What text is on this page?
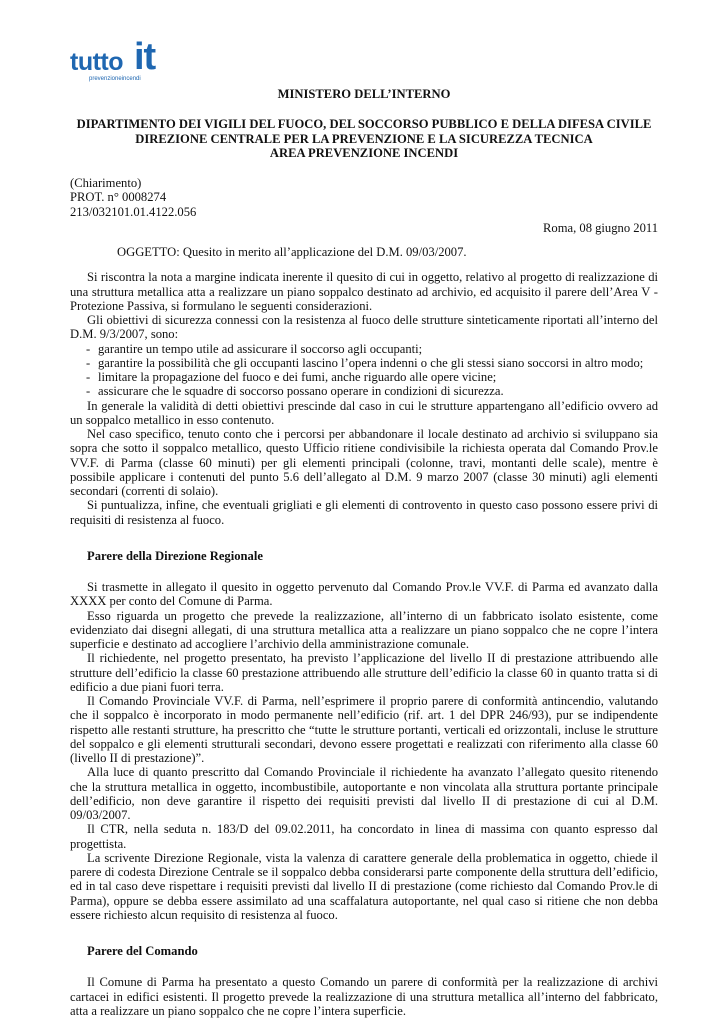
tutto it
prevenzioneincendi
MINISTERO DELL’INTERNO
DIPARTIMENTO DEI VIGILI DEL FUOCO, DEL SOCCORSO PUBBLICO E DELLA DIFESA CIVILE
DIREZIONE CENTRALE PER LA PREVENZIONE E LA SICUREZZA TECNICA
AREA PREVENZIONE INCENDI
(Chiarimento)
PROT. n° 0008274
213/032101.01.4122.056
Roma, 08 giugno 2011
OGGETTO: Quesito in merito all’applicazione del D.M. 09/03/2007.

Si riscontra la nota a margine indicata inerente il quesito di cui in oggetto, relativo al progetto di realizzazione di una struttura metallica atta a realizzare un piano soppalco destinato ad archivio, ed acquisito il parere dell’Area V - Protezione Passiva, si formulano le seguenti considerazioni.

Gli obiettivi di sicurezza connessi con la resistenza al fuoco delle strutture sinteticamente riportati all’interno del D.M. 9/3/2007, sono:

- garantire un tempo utile ad assicurare il soccorso agli occupanti;
- garantire la possibilità che gli occupanti lascino l’opera indenni o che gli stessi siano soccorsi in altro modo;
- limitare la propagazione del fuoco e dei fumi, anche riguardo alle opere vicine;
- assicurare che le squadre di soccorso possano operare in condizioni di sicurezza.

In generale la validità di detti obiettivi prescinde dal caso in cui le strutture appartengano all’edificio ovvero ad un soppalco metallico in esso contenuto.

Nel caso specifico, tenuto conto che i percorsi per abbandonare il locale destinato ad archivio si sviluppano sia sopra che sotto il soppalco metallico, questo Ufficio ritiene condivisibile la richiesta operata dal Comando Prov.le VV.F. di Parma (classe 60 minuti) per gli elementi principali (colonne, travi, montanti delle scale), mentre è possibile applicare i contenuti del punto 5.6 dell’allegato al D.M. 9 marzo 2007 (classe 30 minuti) agli elementi secondari (correnti di solaio).

Si puntualizza, infine, che eventuali grigliati e gli elementi di controvento in questo caso possono essere privi di requisiti di resistenza al fuoco.

Parere della Direzione Regionale

Si trasmette in allegato il quesito in oggetto pervenuto dal Comando Prov.le VV.F. di Parma ed avanzato dalla XXXX per conto del Comune di Parma.

Esso riguarda un progetto che prevede la realizzazione, all’interno di un fabbricato isolato esistente, come evidenziato dai disegni allegati, di una struttura metallica atta a realizzare un piano soppalco che ne copre l’intera superficie e destinato ad accogliere l’archivio della amministrazione comunale.

Il richiedente, nel progetto presentato, ha previsto l’applicazione del livello II di prestazione attribuendo alle strutture dell’edificio la classe 60 prestazione attribuendo alle strutture dell’edificio la classe 60 in quanto tratta si di edificio a due piani fuori terra.

Il Comando Provinciale VV.F. di Parma, nell’esprimere il proprio parere di conformità antincendio, valutando che il soppalco è incorporato in modo permanente nell’edificio (rif. art. 1 del DPR 246/93), pur se indipendente rispetto alle restanti strutture, ha prescritto che “tutte le strutture portanti, verticali ed orizzontali, incluse le strutture del soppalco e gli elementi strutturali secondari, devono essere progettati e realizzati con riferimento alla classe 60 (livello II di prestazione)”.

Alla luce di quanto prescritto dal Comando Provinciale il richiedente ha avanzato l’allegato quesito ritenendo che la struttura metallica in oggetto, incombustibile, autoportante e non vincolata alla struttura portante principale dell’edificio, non deve garantire il rispetto dei requisiti previsti dal livello II di prestazione di cui al D.M. 09/03/2007.

Il CTR, nella seduta n. 183/D del 09.02.2011, ha concordato in linea di massima con quanto espresso dal progettista.

La scrivente Direzione Regionale, vista la valenza di carattere generale della problematica in oggetto, chiede il parere di codesta Direzione Centrale se il soppalco debba considerarsi parte componente della struttura dell’edificio, ed in tal caso deve rispettare i requisiti previsti dal livello II di prestazione (come richiesto dal Comando Prov.le di Parma), oppure se debba essere assimilato ad una scaffalatura autoportante, nel qual caso si ritiene che non debba essere richiesto alcun requisito di resistenza al fuoco.

Parere del Comando

Il Comune di Parma ha presentato a questo Comando un parere di conformità per la realizzazione di archivi cartacei in edifici esistenti. Il progetto prevede la realizzazione di una struttura metallica all’interno del fabbricato, atta a realizzare un piano soppalco che ne copre l’intera superficie.
